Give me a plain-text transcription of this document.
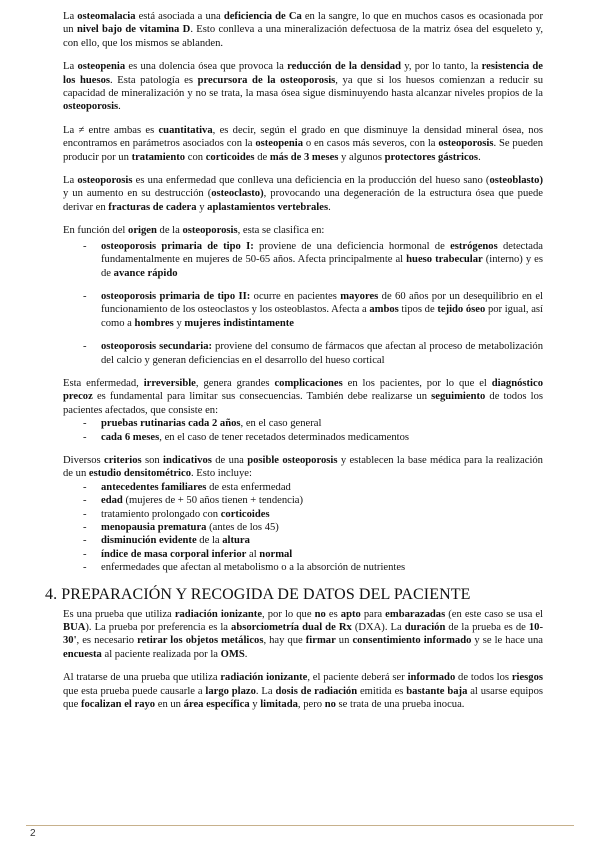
La osteomalacia está asociada a una deficiencia de Ca en la sangre, lo que en muchos casos es ocasionada por un nivel bajo de vitamina D. Esto conlleva a una mineralización defectuosa de la matriz ósea del esqueleto y, con ello, que los mismos se ablanden.

La osteopenia es una dolencia ósea que provoca la reducción de la densidad y, por lo tanto, la resistencia de los huesos. Esta patología es precursora de la osteoporosis, ya que si los huesos comienzan a reducir su capacidad de mineralización y no se trata, la masa ósea sigue disminuyendo hasta alcanzar niveles propios de la osteoporosis.

La ≠ entre ambas es cuantitativa, es decir, según el grado en que disminuye la densidad mineral ósea, nos encontramos en parámetros asociados con la osteopenia o en casos más severos, con la osteoporosis. Se pueden producir por un tratamiento con corticoides de más de 3 meses y algunos protectores gástricos.

La osteoporosis es una enfermedad que conlleva una deficiencia en la producción del hueso sano (osteoblasto) y un aumento en su destrucción (osteoclasto), provocando una degeneración de la estructura ósea que puede derivar en fracturas de cadera y aplastamientos vertebrales.

En función del origen de la osteoporosis, esta se clasifica en:

- osteoporosis primaria de tipo I: proviene de una deficiencia hormonal de estrógenos detectada fundamentalmente en mujeres de 50-65 años. Afecta principalmente al hueso trabecular (interno) y es de avance rápido
- osteoporosis primaria de tipo II: ocurre en pacientes mayores de 60 años por un desequilibrio en el funcionamiento de los osteoclastos y los osteoblastos. Afecta a ambos tipos de tejido óseo por igual, así como a hombres y mujeres indistintamente
- osteoporosis secundaria: proviene del consumo de fármacos que afectan al proceso de metabolización del calcio y generan deficiencias en el desarrollo del hueso cortical

Esta enfermedad, irreversible, genera grandes complicaciones en los pacientes, por lo que el diagnóstico precoz es fundamental para limitar sus consecuencias. También debe realizarse un seguimiento de todos los pacientes afectados, que consiste en:

- pruebas rutinarias cada 2 años, en el caso general
- cada 6 meses, en el caso de tener recetados determinados medicamentos

Diversos criterios son indicativos de una posible osteoporosis y establecen la base médica para la realización de un estudio densitométrico. Esto incluye:

- antecedentes familiares de esta enfermedad
- edad (mujeres de + 50 años tienen + tendencia)
- tratamiento prolongado con corticoides
- menopausia prematura (antes de los 45)
- disminución evidente de la altura
- índice de masa corporal inferior al normal
- enfermedades que afectan al metabolismo o a la absorción de nutrientes
4. PREPARACIÓN Y RECOGIDA DE DATOS DEL PACIENTE

Es una prueba que utiliza radiación ionizante, por lo que no es apto para embarazadas (en este caso se usa el BUA). La prueba por preferencia es la absorciometría dual de Rx (DXA). La duración de la prueba es de 10-30', es necesario retirar los objetos metálicos, hay que firmar un consentimiento informado y se le hace una encuesta al paciente realizada por la OMS.

Al tratarse de una prueba que utiliza radiación ionizante, el paciente deberá ser informado de todos los riesgos que esta prueba puede causarle a largo plazo. La dosis de radiación emitida es bastante baja al usarse equipos que focalizan el rayo en un área específica y limitada, pero no se trata de una prueba inocua.

2
